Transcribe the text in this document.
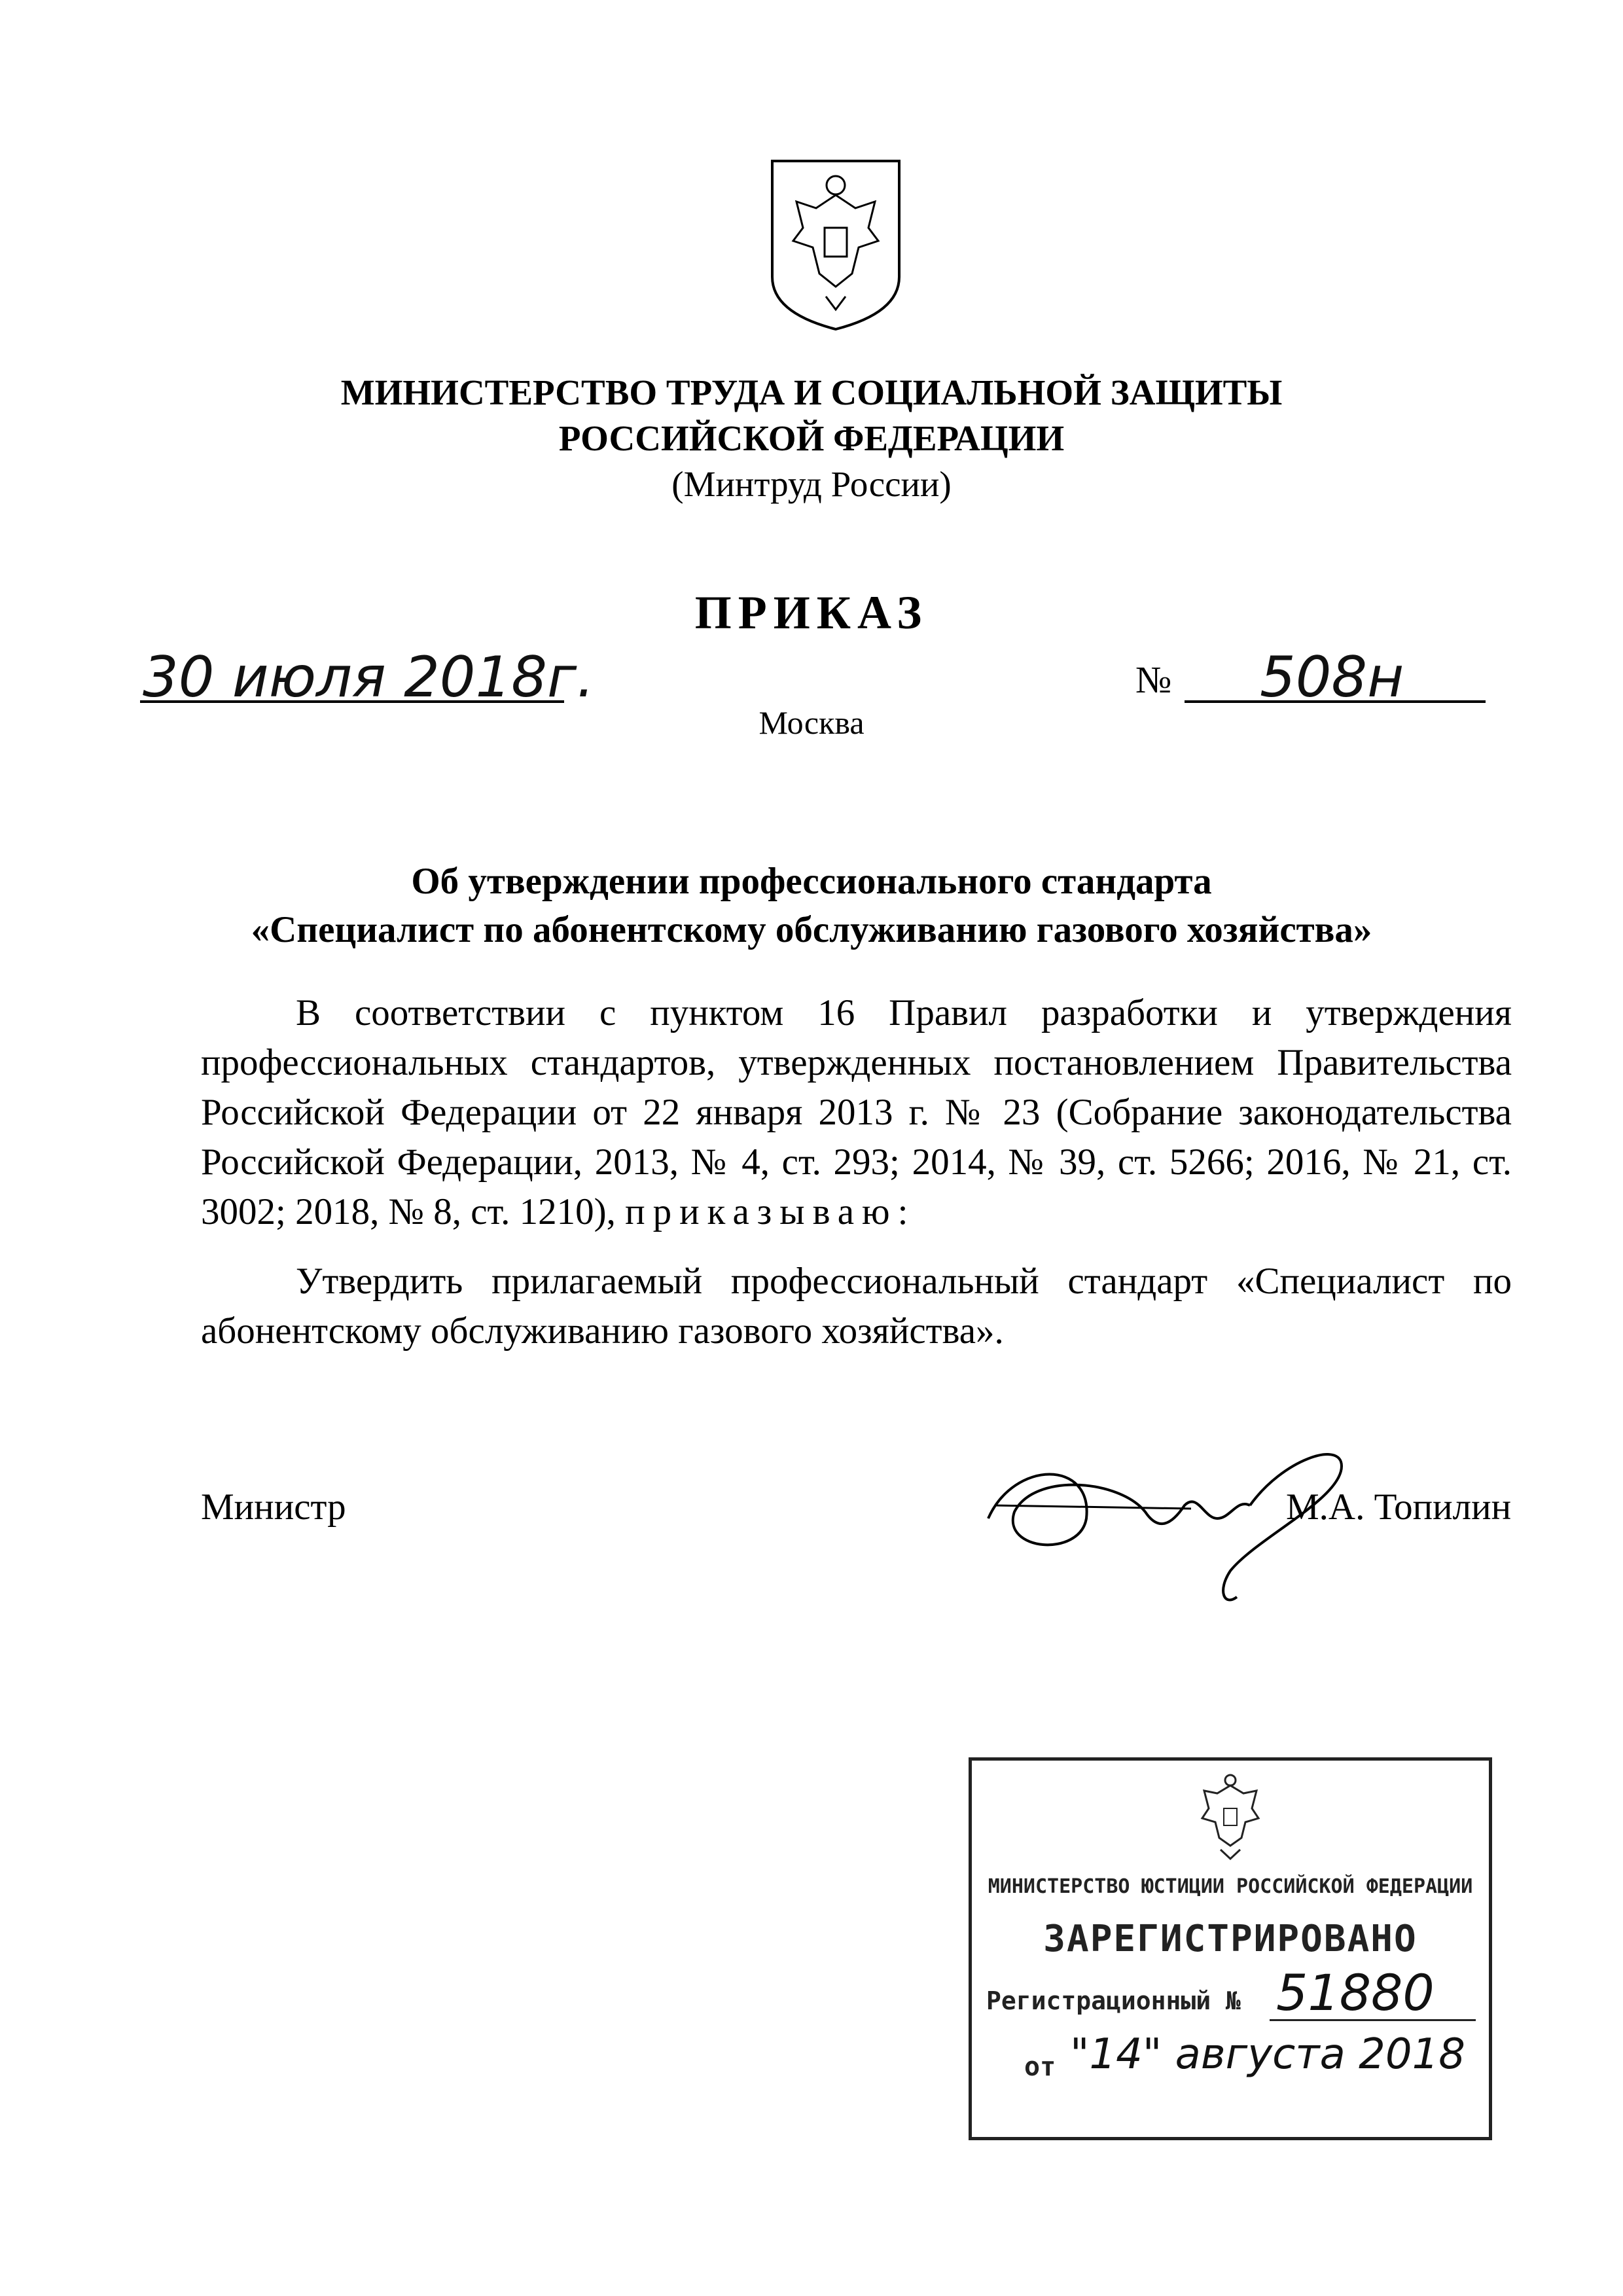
МИНИСТЕРСТВО ТРУДА И СОЦИАЛЬНОЙ ЗАЩИТЫ
РОССИЙСКОЙ ФЕДЕРАЦИИ
(Минтруд России)
ПРИКАЗ
30 июля 2018г.	№ 508н
Москва
Об утверждении профессионального стандарта
«Специалист по абонентскому обслуживанию газового хозяйства»
В соответствии с пунктом 16 Правил разработки и утверждения профессиональных стандартов, утвержденных постановлением Правительства Российской Федерации от 22 января 2013 г. № 23 (Собрание законодательства Российской Федерации, 2013, № 4, ст. 293; 2014, № 39, ст. 5266; 2016, № 21, ст. 3002; 2018, № 8, ст. 1210), приказываю:
Утвердить прилагаемый профессиональный стандарт «Специалист по абонентскому обслуживанию газового хозяйства».
Министр	М.А. Топилин
МИНИСТЕРСТВО ЮСТИЦИИ РОССИЙСКОЙ ФЕДЕРАЦИИ
ЗАРЕГИСТРИРОВАНО
Регистрационный № 51880
от "14" августа 2018
